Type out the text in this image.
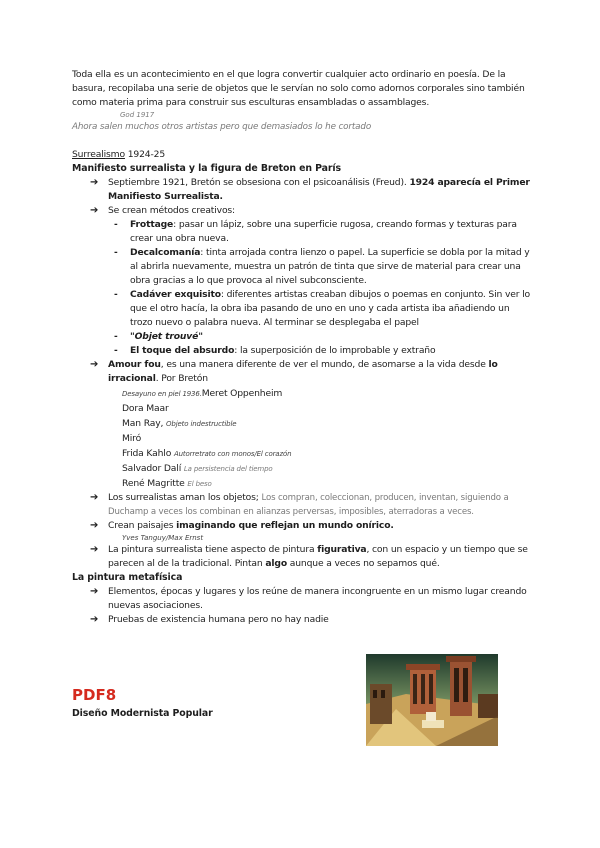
Toda ella es un acontecimiento en el que logra convertir cualquier acto ordinario en poesía. De la basura, recopilaba una serie de objetos que le servían no solo como adornos corporales sino también como materia prima para construir sus esculturas ensambladas o assamblages.
God 1917
Ahora salen muchos otros artistas pero que demasiados lo he cortado
Surrealismo 1924-25
Manifiesto surrealista y la figura de Breton en París
➔ Septiembre 1921, Bretón se obsesiona con el psicoanálisis (Freud). 1924 aparecía el Primer Manifiesto Surrealista.
➔ Se crean métodos creativos:
- Frottage: pasar un lápiz, sobre una superficie rugosa, creando formas y texturas para crear una obra nueva.
- Decalcomanía: tinta arrojada contra lienzo o papel. La superficie se dobla por la mitad y al abrirla nuevamente, muestra un patrón de tinta que sirve de material para crear una obra gracias a lo que provoca al nivel subconsciente.
- Cadáver exquisito: diferentes artistas creaban dibujos o poemas en conjunto. Sin ver lo que el otro hacía, la obra iba pasando de uno en uno y cada artista iba añadiendo un trozo nuevo o palabra nueva. Al terminar se desplegaba el papel
- "Objet trouvé"
- El toque del absurdo: la superposición de lo improbable y extraño
➔ Amour fou, es una manera diferente de ver el mundo, de asomarse a la vida desde lo irracional. Por Bretón
Desayuno en piel 1936.Meret Oppenheim
Dora Maar
Man Ray, Objeto indestructible
Miró
Frida Kahlo Autorretrato con monos/El corazón
Salvador Dalí La persistencia del tiempo
René Magritte El beso
➔ Los surrealistas aman los objetos; Los compran, coleccionan, producen, inventan, siguiendo a Duchamp a veces los combinan en alianzas perversas, imposibles, aterradoras a veces.
➔ Crean paisajes imaginando que reflejan un mundo onírico.
Yves Tanguy/Max Ernst
➔ La pintura surrealista tiene aspecto de pintura figurativa, con un espacio y un tiempo que se parecen al de la tradicional. Pintan algo aunque a veces no sepamos qué.
La pintura metafísica
➔ Elementos, épocas y lugares y los reúne de manera incongruente en un mismo lugar creando nuevas asociaciones.
➔ Pruebas de existencia humana pero no hay nadie
PDF8
Diseño Modernista Popular
